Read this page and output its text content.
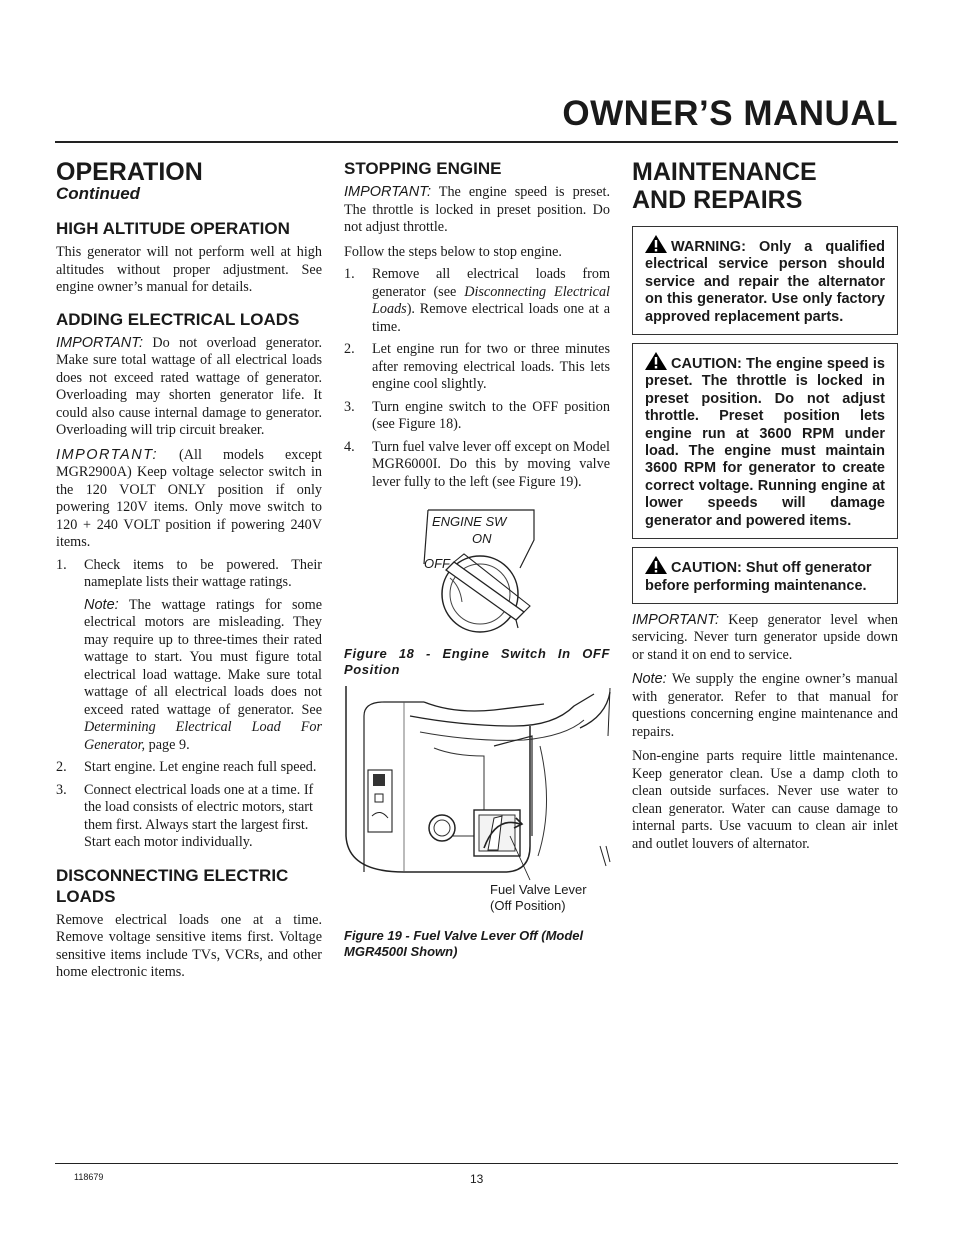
OWNER’S MANUAL
OPERATION
Continued
HIGH ALTITUDE OPERATION
This generator will not perform well at high altitudes without proper adjustment. See engine owner’s manual for details.
ADDING ELECTRICAL LOADS
IMPORTANT: Do not overload generator. Make sure total wattage of all electrical loads does not exceed rated wattage of generator. Overloading may shorten generator life. It could also cause internal damage to generator. Overloading will trip circuit breaker.
IMPORTANT: (All models except MGR2900A) Keep voltage selector switch in the 120 VOLT ONLY position if only powering 120V items. Only move switch to 120 + 240 VOLT position if powering 240V items.
1. Check items to be powered. Their nameplate lists their wattage ratings.
Note: The wattage ratings for some electrical motors are misleading. They may require up to three-times their rated wattage to start. You must figure total electrical load wattage. Make sure total wattage of all electrical loads does not exceed rated wattage of generator. See Determining Electrical Load For Generator, page 9.
2. Start engine. Let engine reach full speed.
3. Connect electrical loads one at a time. If the load consists of electric motors, start them first. Always start the largest first. Start each motor individually.
DISCONNECTING ELECTRIC LOADS
Remove electrical loads one at a time. Remove voltage sensitive items first. Voltage sensitive items include TVs, VCRs, and other home electronic items.
STOPPING ENGINE
IMPORTANT: The engine speed is preset. The throttle is locked in preset position. Do not adjust throttle.
Follow the steps below to stop engine.
1. Remove all electrical loads from generator (see Disconnecting Electrical Loads). Remove electrical loads one at a time.
2. Let engine run for two or three minutes after removing electrical loads. This lets engine cool slightly.
3. Turn engine switch to the OFF position (see Figure 18).
4. Turn fuel valve lever off except on Model MGR6000I. Do this by moving valve lever fully to the left (see Figure 19).
ENGINE SW
ON
OFF
Figure 18 - Engine Switch In OFF Position
Fuel Valve Lever
(Off Position)
Figure 19 - Fuel Valve Lever Off (Model MGR4500I Shown)
MAINTENANCE
AND REPAIRS
WARNING: Only a qualified electrical service person should service and repair the alternator on this generator. Use only factory approved replacement parts.
CAUTION: The engine speed is preset. The throttle is locked in preset position. Do not adjust throttle. Preset position lets engine run at 3600 RPM under load. The engine must maintain 3600 RPM for generator to create correct voltage. Running engine at lower speeds will damage generator and powered items.
CAUTION: Shut off generator before performing maintenance.
IMPORTANT: Keep generator level when servicing. Never turn generator upside down or stand it on end to service.
Note: We supply the engine owner’s manual with generator. Refer to that manual for questions concerning engine maintenance and repairs.
Non-engine parts require little maintenance. Keep generator clean. Use a damp cloth to clean outside surfaces. Never use water to clean generator. Water can cause damage to internal parts. Use vacuum to clean air inlet and outlet louvers of alternator.
118679	13
